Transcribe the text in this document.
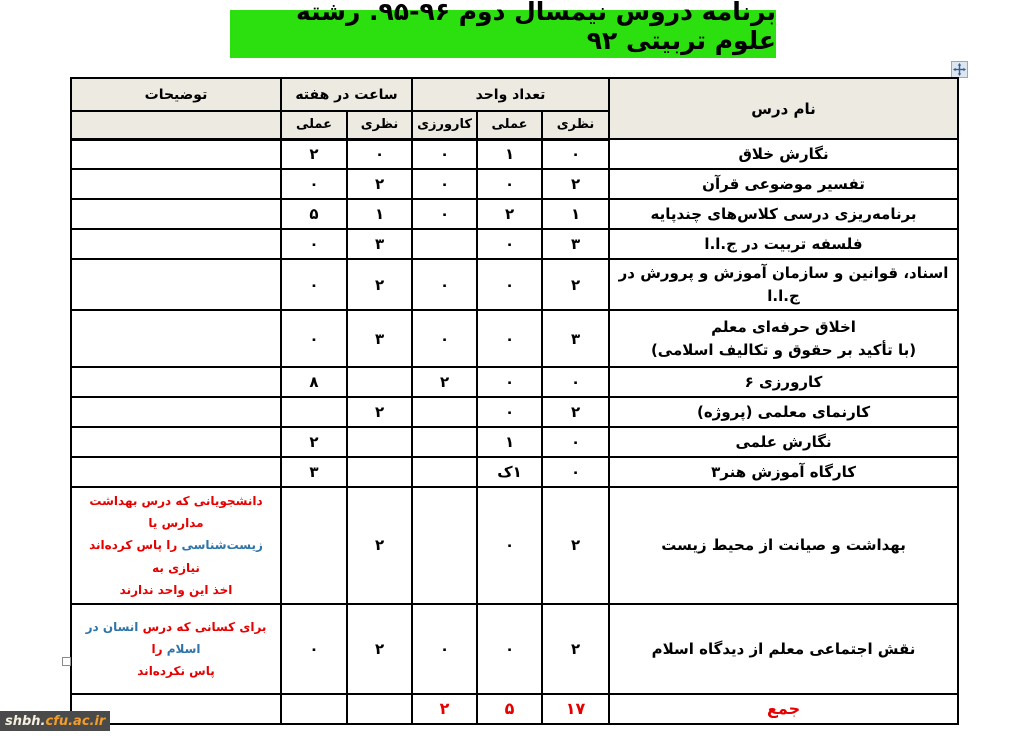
برنامه دروس نیمسال دوم ۹۶-۹۵. رشته علوم تربیتی ۹۲
نام درس	تعداد واحد			ساعت در هفته		توضیحات
	نظری	عملی	کارورزی	نظری	عملی	

نگارش خلاق	۰	۱	۰	۰	۲	

تفسیر موضوعی قرآن	۲	۰	۰	۲	۰	

برنامه‌ریزی درسی کلاس‌های چندپایه	۱	۲	۰	۱	۵	

فلسفه تربیت در ج.ا.ا	۳	۰		۳	۰	

اسناد، قوانین و سازمان آموزش و پرورش در ج.ا.ا	۲	۰	۰	۲	۰	

اخلاق حرفه‌ای معلم
(با تأکید بر حقوق و تکالیف اسلامی)	۳	۰	۰	۳	۰	

کارورزی ۶	۰	۰	۲		۸	

کارنمای معلمی (پروژه)	۲	۰		۲		

نگارش علمی	۰	۱			۲	

کارگاه آموزش هنر۳	۰	۱ک			۳	

بهداشت و صیانت از محیط زیست	۲	۰		۲		دانشجویانی که درس بهداشت مدارس یا
زیست‌شناسی را پاس کرده‌اند نیازی به
اخذ این واحد ندارند

نقش اجتماعی معلم از دیدگاه اسلام	۲	۰	۰	۲	۰	برای کسانی که درس انسان در اسلام را
پاس نکرده‌اند

جمع	۱۷	۵	۲			
shbh. cfu.ac.ir
